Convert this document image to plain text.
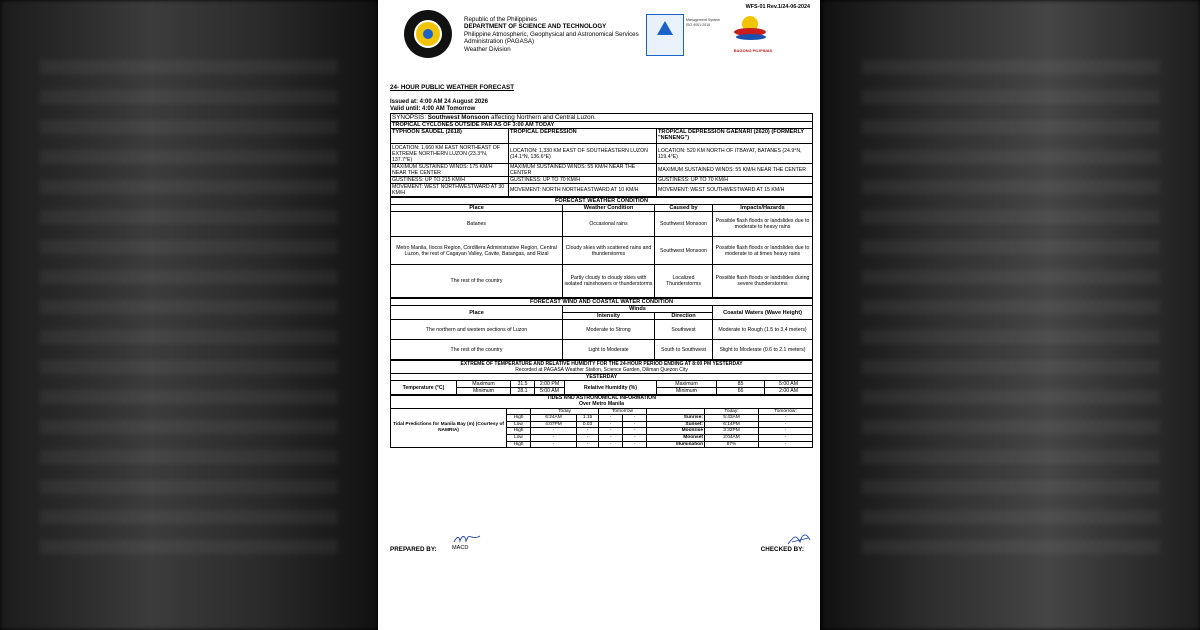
Republic of the Philippines
DEPARTMENT OF SCIENCE AND TECHNOLOGY
Philippine Atmospheric, Geophysical and Astronomical Services Administration (PAGASA)
Weather Division
Management System ISO 9001:2015
BAGONG PILIPINAS
WFS-01 Rev.1/24-06-2024
24- HOUR PUBLIC WEATHER FORECAST
Issued at: 4:00 AM 24 August 2026
Valid until: 4:00 AM Tomorrow
SYNOPSIS: Southwest Monsoon affecting Northern and Central Luzon.		
TROPICAL CYCLONES OUTSIDE PAR AS OF 3:00 AM TODAY		
TYPHOON SAUDEL (2618)	TROPICAL DEPRESSION	TROPICAL DEPRESSION GAENARI (2620) (FORMERLY "NENENG")
LOCATION: 1,660 KM EAST NORTHEAST OF EXTREME NORTHERN LUZON (23.3°N, 137.7°E)	LOCATION: 1,330 KM EAST OF SOUTHEASTERN LUZON (14.1°N, 136.6°E)	LOCATION: 520 KM NORTH OF ITBAYAT, BATANES (24.9°N, 119.4°E)
MAXIMUM SUSTAINED WINDS: 175 KM/H NEAR THE CENTER	MAXIMUM SUSTAINED WINDS: 55 KM/H NEAR THE CENTER	MAXIMUM SUSTAINED WINDS: 55 KM/H NEAR THE CENTER
GUSTINESS: UP TO 215 KM/H	GUSTINESS: UP TO 70 KM/H	GUSTINESS: UP TO 70 KM/H
MOVEMENT: WEST NORTHWESTWARD AT 30 KM/H	MOVEMENT: NORTH NORTHEASTWARD AT 10 KM/H	MOVEMENT: WEST SOUTHWESTWARD AT 15 KM/H
FORECAST WEATHER CONDITION			
Place	Weather Condition	Caused by	Impacts/Hazards
Batanes	Occasional rains	Southwest Monsoon	Possible flash floods or landslides due to moderate to heavy rains
Metro Manila, Ilocos Region, Cordillera Administrative Region, Central Luzon, the rest of Cagayan Valley, Cavite, Batangas, and Rizal	Cloudy skies with scattered rains and thunderstorms	Southwest Monsoon	Possible flash floods or landslides due to moderate to at times heavy rains
The rest of the country	Partly cloudy to cloudy skies with isolated rainshowers or thunderstorms	Localized Thunderstorms	Possible flash floods or landslides during severe thunderstorms
FORECAST WIND AND COASTAL WATER CONDITION			
Place	Winds		Coastal Waters (Wave Height)
	Intensity	Direction	
The northern and western sections of Luzon	Moderate to Strong	Southwest	Moderate to Rough (1.5 to 3.4 meters)
The rest of the country	Light to Moderate	South to Southwest	Slight to Moderate (0.6 to 2.1 meters)
EXTREME OF TEMPERATURE AND RELATIVE HUMIDITY FOR THE 24-HOUR PERIOD ENDING AT 8:00 PM YESTERDAY							
Recorded at PAGASA Weather Station, Science Garden, Diliman Quezon City							
YESTERDAY							
Temperature (°C)	Maximum	31.5	2:00 PM	Relative Humidity (%)	Maximum	85	5:00 AM
	Minimum	28.1	5:00 AM		Minimum	66	2:00 AM
TIDES AND ASTRONOMICAL INFORMATION								
Over Metro Manila								
Tidal Predictions for Manila Bay (m) (Courtesy of NAMRIA)		Today		Tomorrow			Today:	Tomorrow:
	High	6:24AM	1.15	-	-	Sunrise:	5:43AM	-
	Low	4:07PM	0.03	-	-	Sunset:	6:14PM	-
	High	-	-	-	-	Moonrise	3:32PM	-
	Low	-	-	-	-	Moonset	2:04AM	-
	High	-	-	-	-	Illumination	87%	-
PREPARED BY:	MACD	CHECKED BY:
